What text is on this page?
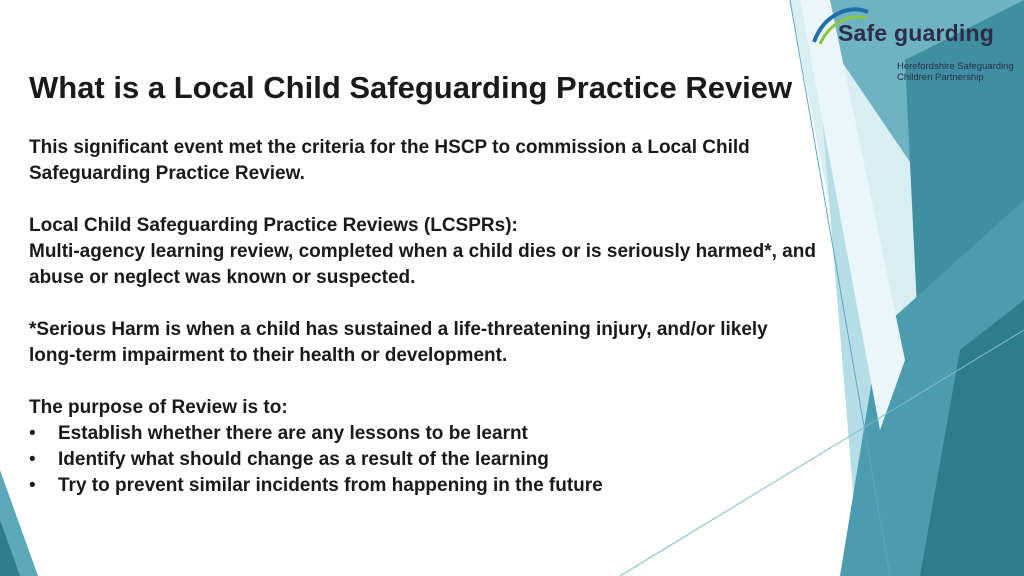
Safe guarding
Herefordshire Safeguarding
Children Partnership
What is a Local Child Safeguarding Practice Review

This significant event met the criteria for the HSCP to commission a Local Child Safeguarding Practice Review.

Local Child Safeguarding Practice Reviews (LCSPRs):

Multi-agency learning review, completed when a child dies or is seriously harmed*, and abuse or neglect was known or suspected.

*Serious Harm is when a child has sustained a life-threatening injury, and/or likely long-term impairment to their health or development.

The purpose of Review is to:

• Establish whether there are any lessons to be learnt
• Identify what should change as a result of the learning
• Try to prevent similar incidents from happening in the future
